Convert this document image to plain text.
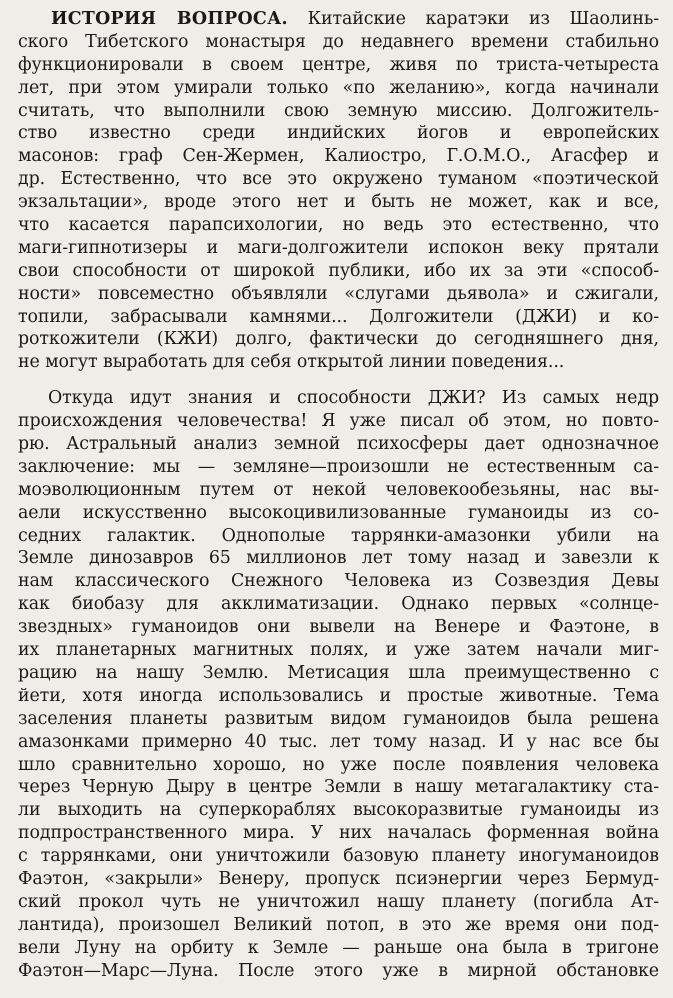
ИСТОРИЯ ВОПРОСА. Китайские каратэки из Шаолинь-
ского Тибетского монастыря до недавнего времени стабильно
функционировали в своем центре, живя по триста-четыреста
лет, при этом умирали только «по желанию», когда начинали
считать, что выполнили свою земную миссию. Долгожитель-
ство известно среди индийских йогов и европейских
масонов: граф Сен-Жермен, Калиостро, Г.О.М.О., Агасфер и
др. Естественно, что все это окружено туманом «поэтической
экзальтации», вроде этого нет и быть не может, как и все,
что касается парапсихологии, но ведь это естественно, что
маги-гипнотизеры и маги-долгожители испокон веку прятали
свои способности от широкой публики, ибо их за эти «способ-
ности» повсеместно объявляли «слугами дьявола» и сжигали,
топили, забрасывали камнями... Долгожители (ДЖИ) и ко-
роткожители (КЖИ) долго, фактически до сегодняшнего дня,
не могут выработать для себя открытой линии поведения...
Откуда идут знания и способности ДЖИ? Из самых недр
происхождения человечества! Я уже писал об этом, но повто-
рю. Астральный анализ земной психосферы дает однозначное
заключение: мы — земляне—произошли не естественным са-
моэволюционным путем от некой человекообезьяны, нас вы-
аели искусственно высокоцивилизованные гуманоиды из со-
седних галактик. Однополые таррянки-амазонки убили на
Земле динозавров 65 миллионов лет тому назад и завезли к
нам классического Снежного Человека из Созвездия Девы
как биобазу для акклиматизации. Однако первых «солнце-
звездных» гуманоидов они вывели на Венере и Фаэтоне, в
их планетарных магнитных полях, и уже затем начали миг-
рацию на нашу Землю. Метисация шла преимущественно с
йети, хотя иногда использовались и простые животные. Тема
заселения планеты развитым видом гуманоидов была решена
амазонками примерно 40 тыс. лет тому назад. И у нас все бы
шло сравнительно хорошо, но уже после появления человека
через Черную Дыру в центре Земли в нашу метагалактику ста-
ли выходить на суперкораблях высокоразвитые гуманоиды из
подпространственного мира. У них началась форменная война
с таррянками, они уничтожили базовую планету иногуманоидов
Фаэтон, «закрыли» Венеру, пропуск псиэнергии через Бермуд-
ский прокол чуть не уничтожил нашу планету (погибла Ат-
лантида), произошел Великий потоп, в это же время они под-
вели Луну на орбиту к Земле — раньше она была в тригоне
Фаэтон—Марс—Луна. После этого уже в мирной обстановке
